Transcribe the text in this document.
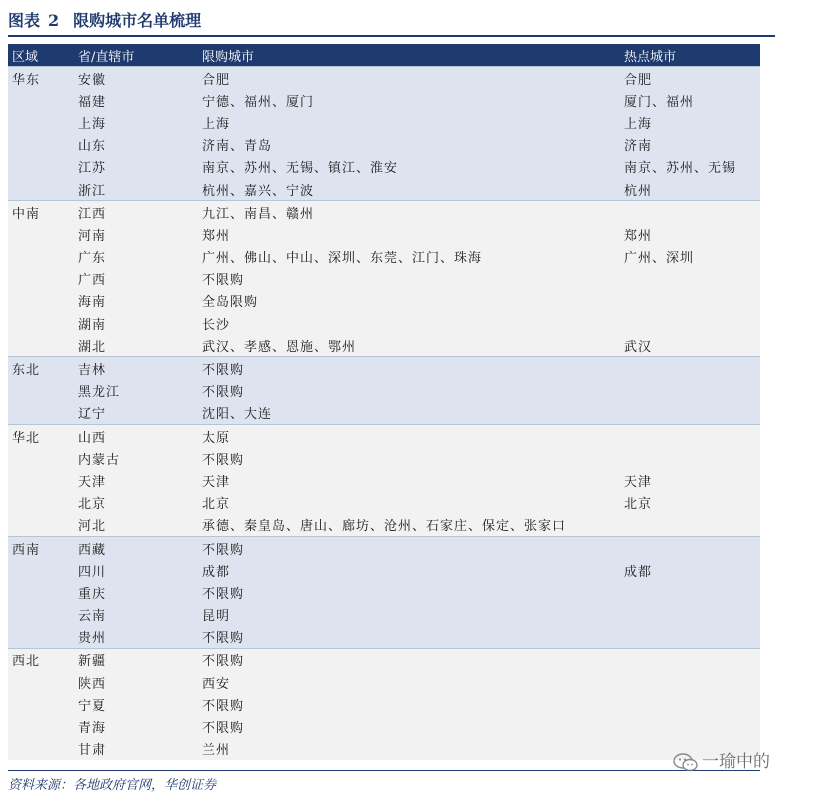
图表 2 限购城市名单梳理
区域	省/直辖市	限购城市	热点城市
华东	安徽	合肥	合肥
	福建	宁德、福州、厦门	厦门、福州
	上海	上海	上海
	山东	济南、青岛	济南
	江苏	南京、苏州、无锡、镇江、淮安	南京、苏州、无锡
	浙江	杭州、嘉兴、宁波	杭州
中南	江西	九江、南昌、赣州	
	河南	郑州	郑州
	广东	广州、佛山、中山、深圳、东莞、江门、珠海	广州、深圳
	广西	不限购	
	海南	全岛限购	
	湖南	长沙	
	湖北	武汉、孝感、恩施、鄂州	武汉
东北	吉林	不限购	
	黑龙江	不限购	
	辽宁	沈阳、大连	
华北	山西	太原	
	内蒙古	不限购	
	天津	天津	天津
	北京	北京	北京
	河北	承德、秦皇岛、唐山、廊坊、沧州、石家庄、保定、张家口	
西南	西藏	不限购	
	四川	成都	成都
	重庆	不限购	
	云南	昆明	
	贵州	不限购	
西北	新疆	不限购	
	陕西	西安	
	宁夏	不限购	
	青海	不限购	
	甘肃	兰州	
资料来源：各地政府官网，华创证券
一瑜中的
